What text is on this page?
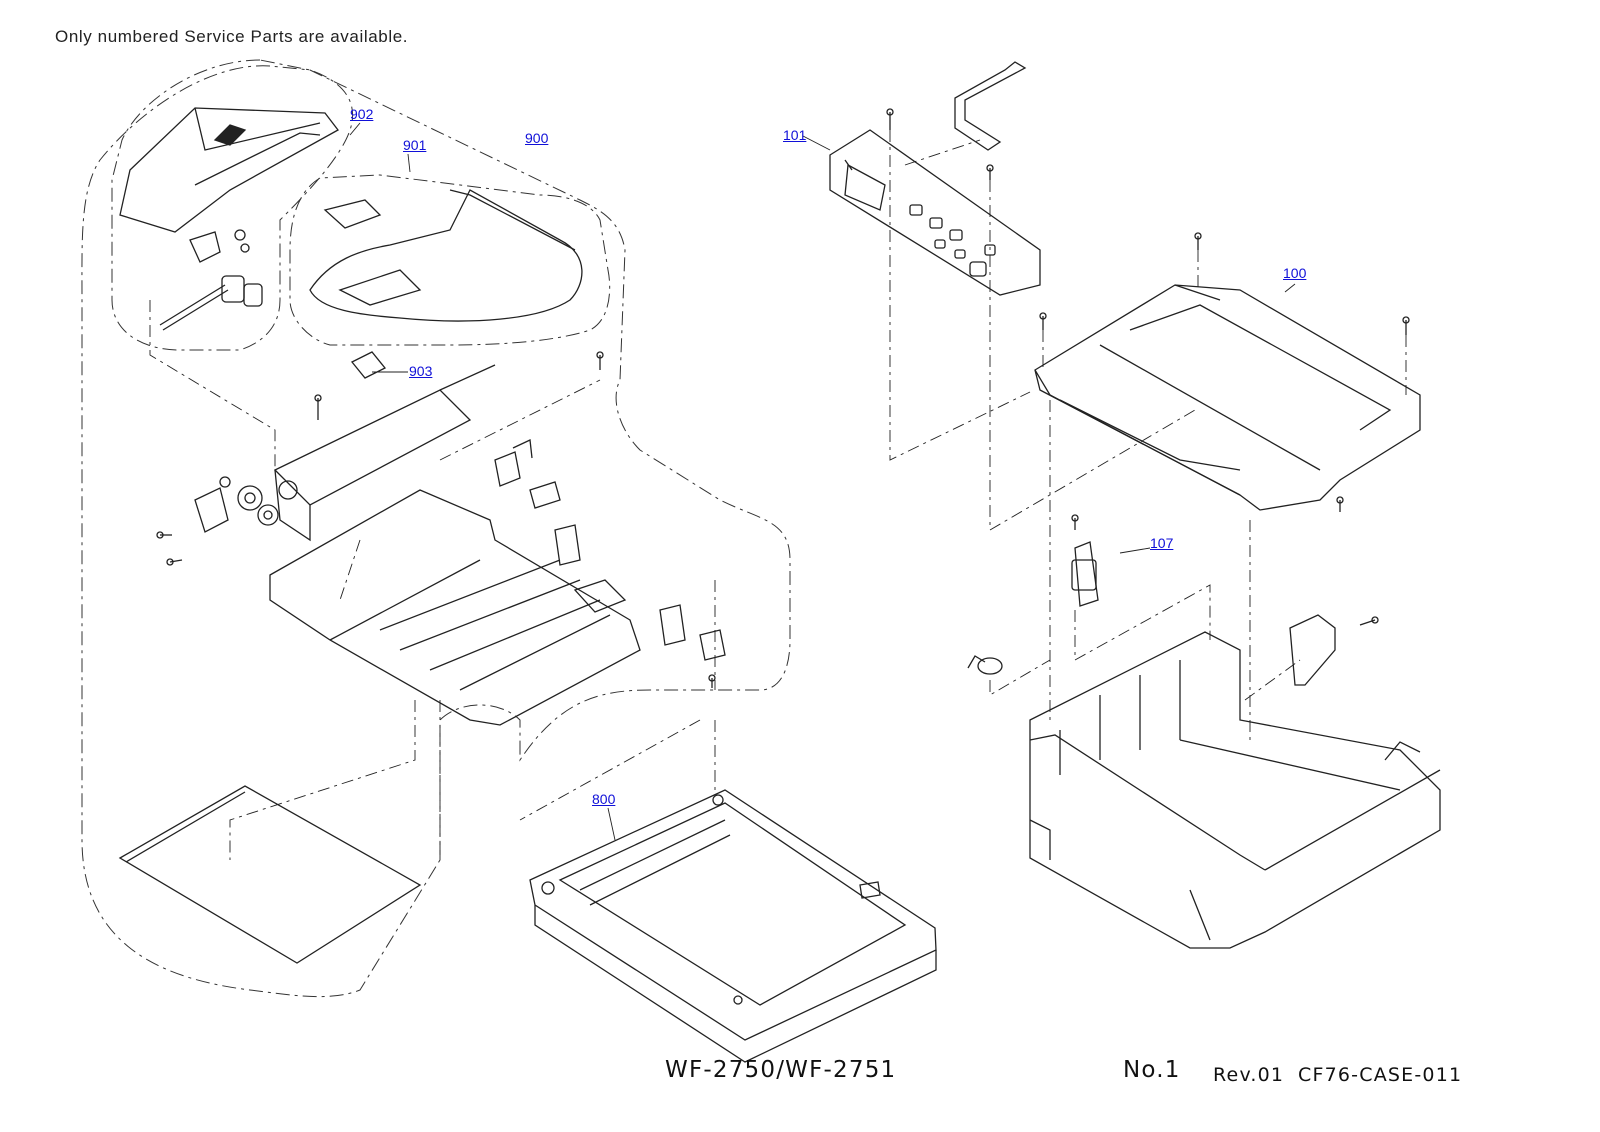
Only numbered Service Parts are available.
902
901	900
903
101
100
107
800
WF-2750/WF-2751	No.1 Rev.01 CF76-CASE-011
